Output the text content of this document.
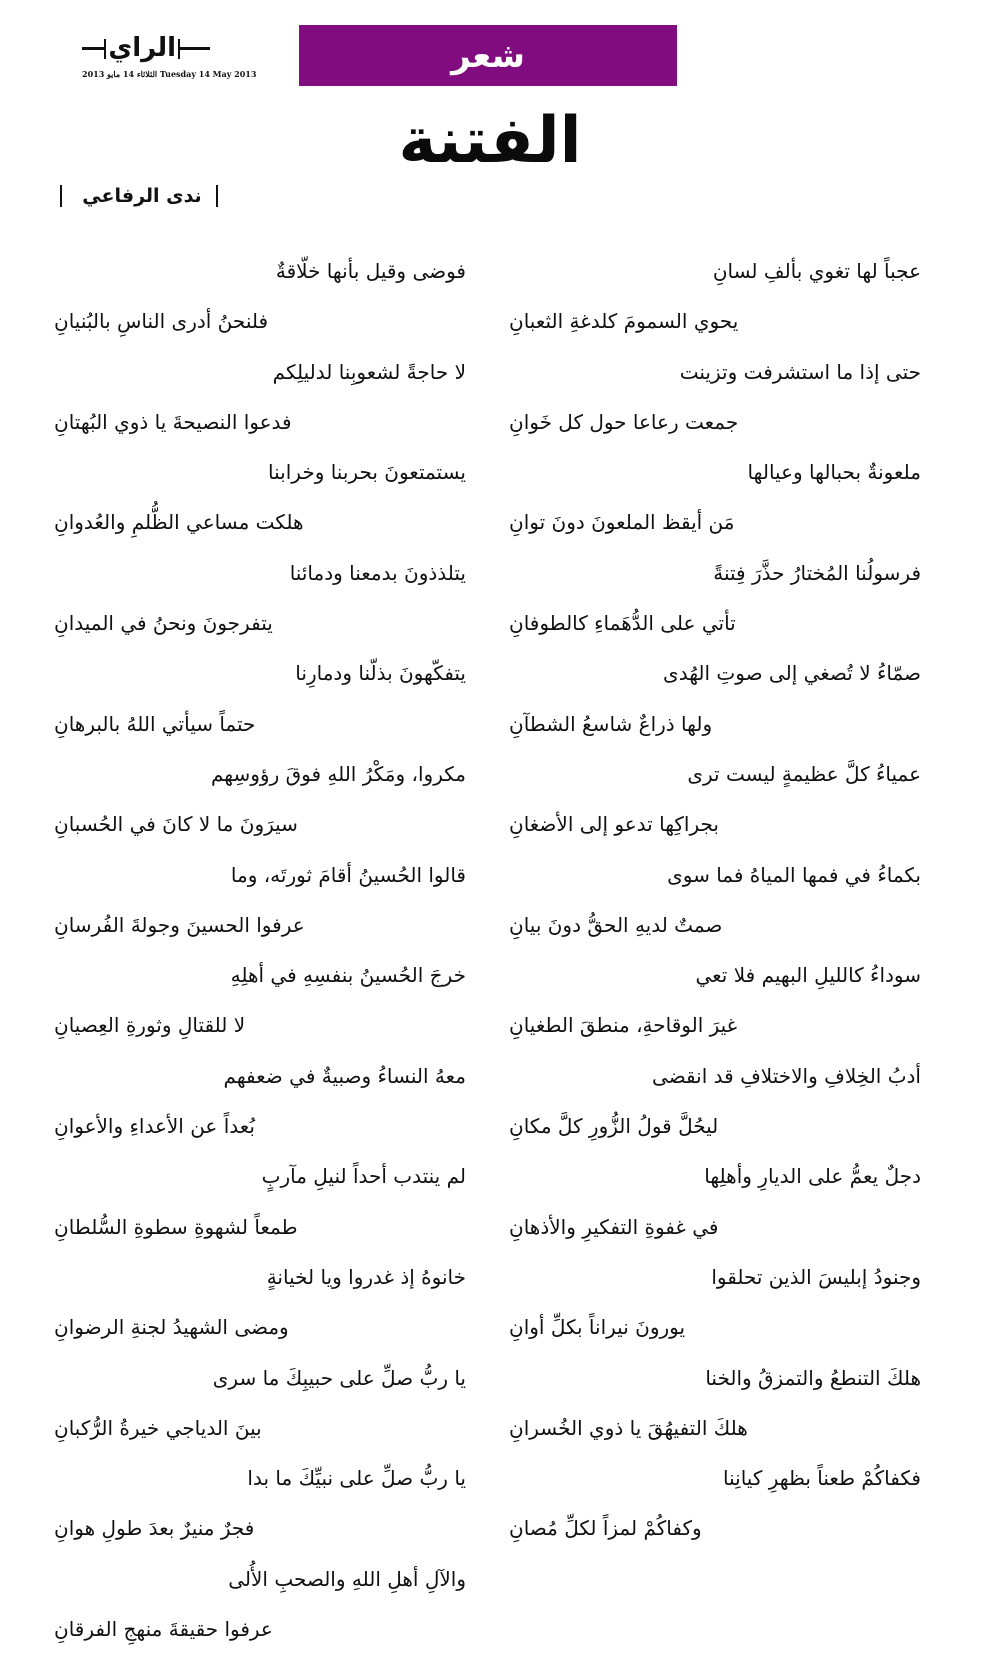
الراي
الثلاثاء 14 مايو 2013 Tuesday 14 May 2013	شعر
الفتنة
ندى الرفاعي
عجباً لها تغوي بألفِ لسانِ
يحوي السمومَ كلدغةِ الثعبانِ
حتى إذا ما استشرفت وتزينت
جمعت رعاعا حول كل خَوانِ
ملعونةٌ بحبالها وعيالها
مَن أيقظ الملعونَ دونَ توانِ
فرسولُنا المُختارُ حذَّرَ فِتنةً
تأتي على الدُّهَماءِ كالطوفانِ
صمّاءُ لا تُصغي إلى صوتِ الهُدى
ولها ذراعٌ شاسعُ الشطآنِ
عمياءُ كلَّ عظيمةٍ ليست ترى
بجراكِها تدعو إلى الأضغانِ
بكماءُ في فمها المياهُ فما سوى
صمتٌ لديهِ الحقُّ دونَ بيانِ
سوداءُ كالليلِ البهيم فلا تعي
غيرَ الوقاحةِ، منطقَ الطغيانِ
أدبُ الخِلافِ والاختلافِ قد انقضى
ليحُلَّ قولُ الزُّورِ كلَّ مكانِ
دجلٌ يعمُّ على الديارِ وأهلِها
في غفوةِ التفكيرِ والأذهانِ
وجنودُ إبليسَ الذين تحلقوا
يورونَ نيراناً بكلِّ أوانِ
هلكَ التنطعُ والتمزقُ والخنا
هلكَ التفيهُقَ يا ذوي الخُسرانِ
فكفاكُمْ طعناً بظهرِ كيانِنا
وكفاكُمْ لمزاً لكلِّ مُصانِ
فوضى وقيل بأنها خلّاقةٌ
فلنحنُ أدرى الناسِ بالبُنيانِ
لا حاجةً لشعوبِنا لدليلِكم
فدعوا النصيحةَ يا ذوي البُهتانِ
يستمتعونَ بحربنا وخرابنا
هلكت مساعي الظُّلمِ والعُدوانِ
يتلذذونَ بدمعنا ودمائنا
يتفرجونَ ونحنُ في الميدانِ
يتفكّهونَ بذلّنا ودمارِنا
حتماً سيأتي اللهُ بالبرهانِ
مكروا، ومَكْرُ اللهِ فوقَ رؤوسِهم
سيرَونَ ما لا كانَ في الحُسبانِ
قالوا الحُسينُ أقامَ ثورتَه، وما
عرفوا الحسينَ وجولةَ الفُرسانِ
خرجَ الحُسينُ بنفسِهِ في أهلِهِ
لا للقتالِ وثورةِ العِصيانِ
معهُ النساءُ وصبيةٌ في ضعفهم
بُعداً عن الأعداءِ والأعوانِ
لم ينتدب أحداً لنيلِ مآربٍ
طمعاً لشهوةِ سطوةِ السُّلطانِ
خانوهُ إذ غدروا ويا لخيانةٍ
ومضى الشهيدُ لجنةِ الرضوانِ
يا ربُّ صلِّ على حبيبِكَ ما سرى
بينَ الدياجي خيرةُ الرُّكبانِ
يا ربُّ صلِّ على نبيِّكَ ما بدا
فجرٌ منيرٌ بعدَ طولِ هوانِ
والآلِ أهلِ اللهِ والصحبِ الأُلى
عرفوا حقيقةَ منهجِ الفرقانِ
